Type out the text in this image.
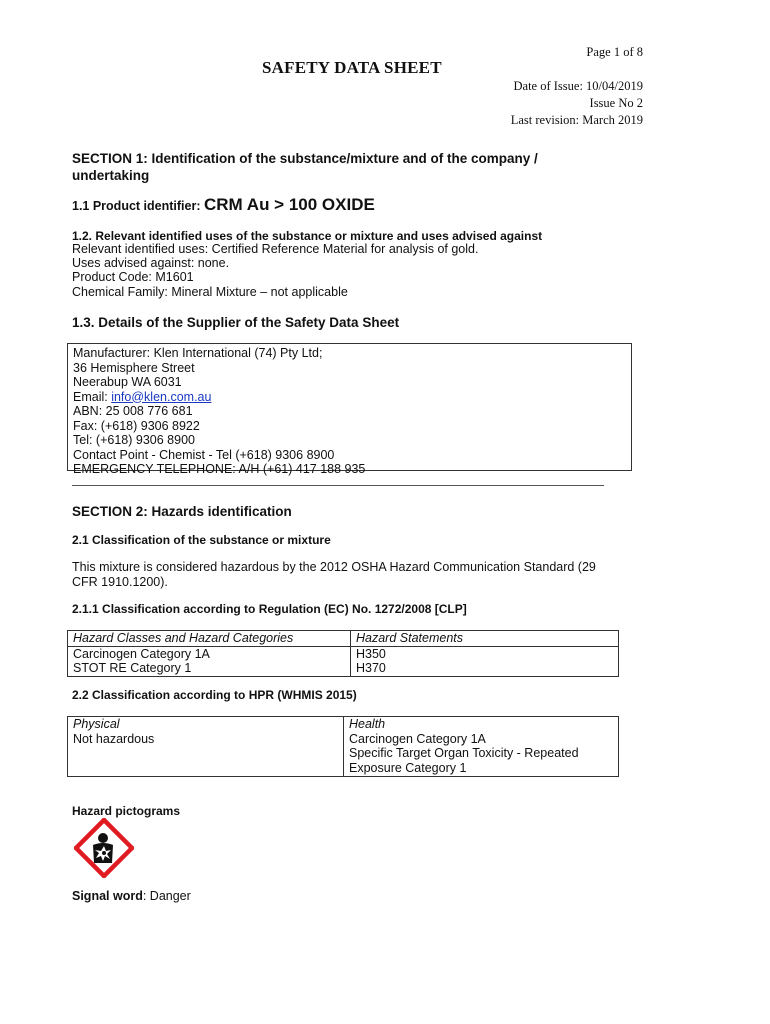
Page 1 of 8
SAFETY DATA SHEET
Date of Issue: 10/04/2019
Issue No 2
Last revision: March 2019
SECTION 1: Identification of the substance/mixture and of the company /
undertaking
1.1 Product identifier: CRM Au > 100 OXIDE
1.2. Relevant identified uses of the substance or mixture and uses advised against
Relevant identified uses: Certified Reference Material for analysis of gold.
Uses advised against: none.
Product Code: M1601
Chemical Family: Mineral Mixture – not applicable
1.3. Details of the Supplier of the Safety Data Sheet
Manufacturer: Klen International (74) Pty Ltd;
36 Hemisphere Street
Neerabup WA 6031
Email: info@klen.com.au
ABN: 25 008 776 681
Fax: (+618) 9306 8922
Tel: (+618) 9306 8900
Contact Point - Chemist - Tel (+618) 9306 8900
EMERGENCY TELEPHONE: A/H (+61) 417 188 935
SECTION 2: Hazards identification
2.1 Classification of the substance or mixture
This mixture is considered hazardous by the 2012 OSHA Hazard Communication Standard (29
CFR 1910.1200).
2.1.1 Classification according to Regulation (EC) No. 1272/2008 [CLP]
Hazard Classes and Hazard Categories	Hazard Statements
Carcinogen Category 1A	H350
STOT RE Category 1	H370
2.2 Classification according to HPR (WHMIS 2015)
Physical	Health
Not hazardous	Carcinogen Category 1A
Specific Target Organ Toxicity - Repeated
Exposure Category 1
Hazard pictograms
Signal word: Danger
